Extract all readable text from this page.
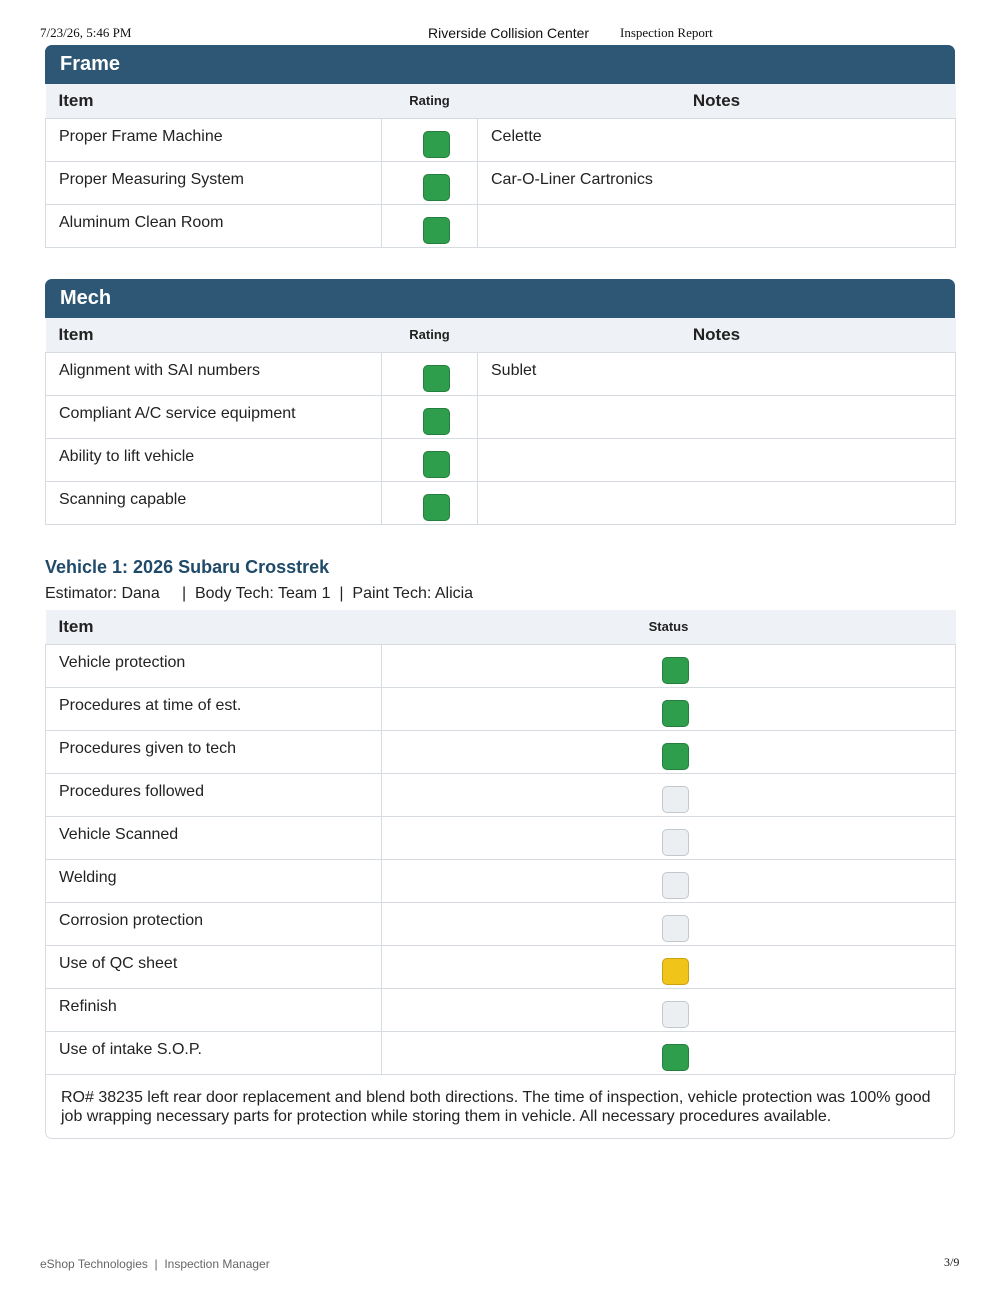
7/23/26, 5:46 PM	Riverside Collision Center Inspection Report
Frame
Item	Rating	Notes
Proper Frame Machine		Celette
Proper Measuring System		Car-O-Liner Cartronics
Aluminum Clean Room		
Mech
Item	Rating	Notes
Alignment with SAI numbers		Sublet
Compliant A/C service equipment		
Ability to lift vehicle		
Scanning capable		
Vehicle 1: 2026 Subaru Crosstrek
Estimator: Dana     |  Body Tech: Team 1  |  Paint Tech: Alicia
Item	Status
Vehicle protection	
Procedures at time of est.	
Procedures given to tech	
Procedures followed	
Vehicle Scanned	
Welding	
Corrosion protection	
Use of QC sheet	
Refinish	
Use of intake S.O.P.	
RO# 38235 left rear door replacement and blend both directions. The time of inspection, vehicle protection was 100% good job wrapping necessary parts for protection while storing them in vehicle. All necessary procedures available.
eShop Technologies  |  Inspection Manager	3/9
